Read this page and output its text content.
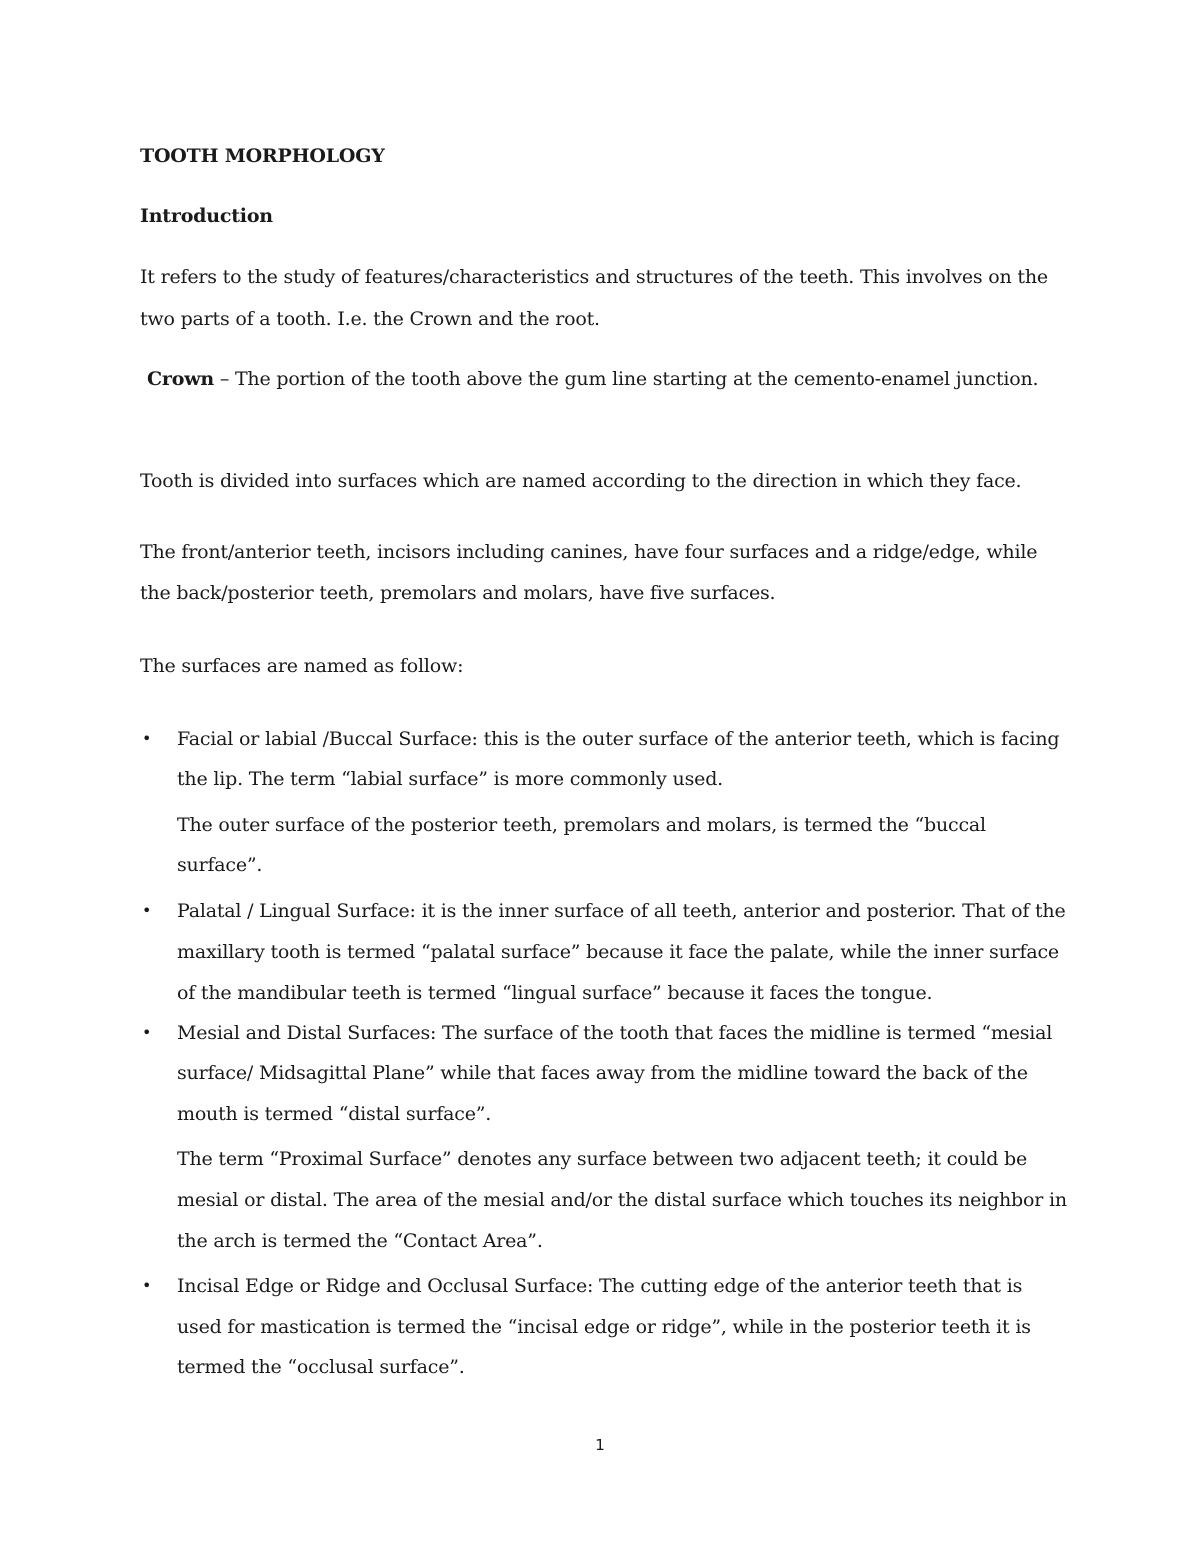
TOOTH MORPHOLOGY
Introduction
It refers to the study of features/characteristics and structures of the teeth. This involves on the
two parts of a tooth. I.e. the Crown and the root.
Crown – The portion of the tooth above the gum line starting at the cemento-enamel junction.
Tooth is divided into surfaces which are named according to the direction in which they face.
The front/anterior teeth, incisors including canines, have four surfaces and a ridge/edge, while
the back/posterior teeth, premolars and molars, have five surfaces.
The surfaces are named as follow:
• Facial or labial /Buccal Surface: this is the outer surface of the anterior teeth, which is facing
the lip. The term “labial surface” is more commonly used.
The outer surface of the posterior teeth, premolars and molars, is termed the “buccal
surface”.
• Palatal / Lingual Surface: it is the inner surface of all teeth, anterior and posterior. That of the
maxillary tooth is termed “palatal surface” because it face the palate, while the inner surface
of the mandibular teeth is termed “lingual surface” because it faces the tongue.
• Mesial and Distal Surfaces: The surface of the tooth that faces the midline is termed “mesial
surface/ Midsagittal Plane” while that faces away from the midline toward the back of the
mouth is termed “distal surface”.
The term “Proximal Surface” denotes any surface between two adjacent teeth; it could be
mesial or distal. The area of the mesial and/or the distal surface which touches its neighbor in
the arch is termed the “Contact Area”.
• Incisal Edge or Ridge and Occlusal Surface: The cutting edge of the anterior teeth that is
used for mastication is termed the “incisal edge or ridge”, while in the posterior teeth it is
termed the “occlusal surface”.
1
